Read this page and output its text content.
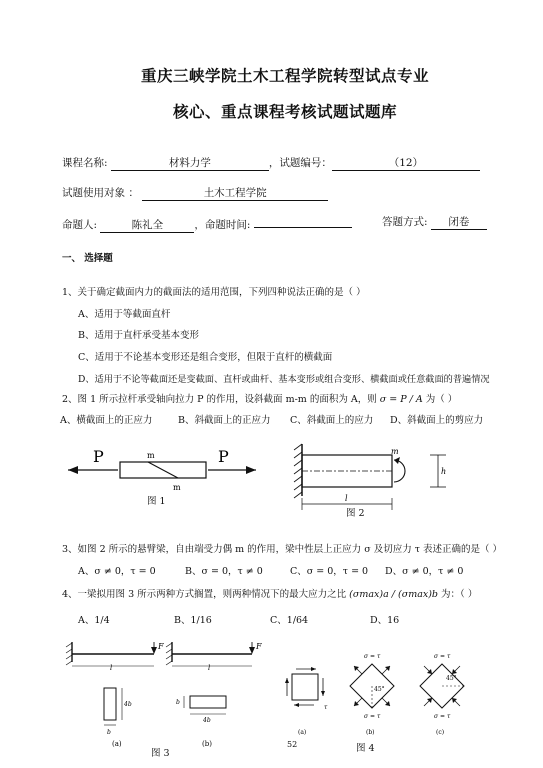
重庆三峡学院土木工程学院转型试点专业
核心、重点课程考核试题试题库
课程名称:	材料力学	，试题编号：	（12）
试题使用对象 ：	土木工程学院
命题人:	陈礼全	，命题时间:	答题方式: 闭卷
一、 选择题
1、关于确定截面内力的截面法的适用范围，下列四种说法正确的是（ ）
A、适用于等截面直杆
B、适用于直杆承受基本变形
C、适用于不论基本变形还是组合变形，但限于直杆的横截面
D、适用于不论等截面还是变截面、直杆或曲杆、基本变形或组合变形、横截面或任意截面的普遍情况
2、图 1 所示拉杆承受轴向拉力 P 的作用，设斜截面 m-m 的面积为 A，则 σ = P / A 为（ ）
A、横截面上的正应力	B、斜截面上的正应力 C、斜截面上的应力 D、斜截面上的剪应力
P	m
m
P
图 1
m
h
l
图 2
3、如图 2 所示的悬臂梁，自由端受力偶 m 的作用，梁中性层上正应力 σ 及切应力 τ 表述正确的是（ ）
A、σ ≠ 0，τ = 0	B、σ = 0，τ ≠ 0	C、σ = 0，τ = 0 D、σ ≠ 0，τ ≠ 0
4、一梁拟用图 3 所示两种方式搁置，则两种情况下的最大应力之比 (σmax)a / (σmax)b 为：（ ）
A、1/4	B、1/16	C、1/64	D、16
F
l
4b
b
F
l
b
4b
(a)	(b)
图 3
52
τ
45°
σ = τ
σ = τ
45°
σ = τ
σ = τ
(a)	(b)	(c)
图 4
